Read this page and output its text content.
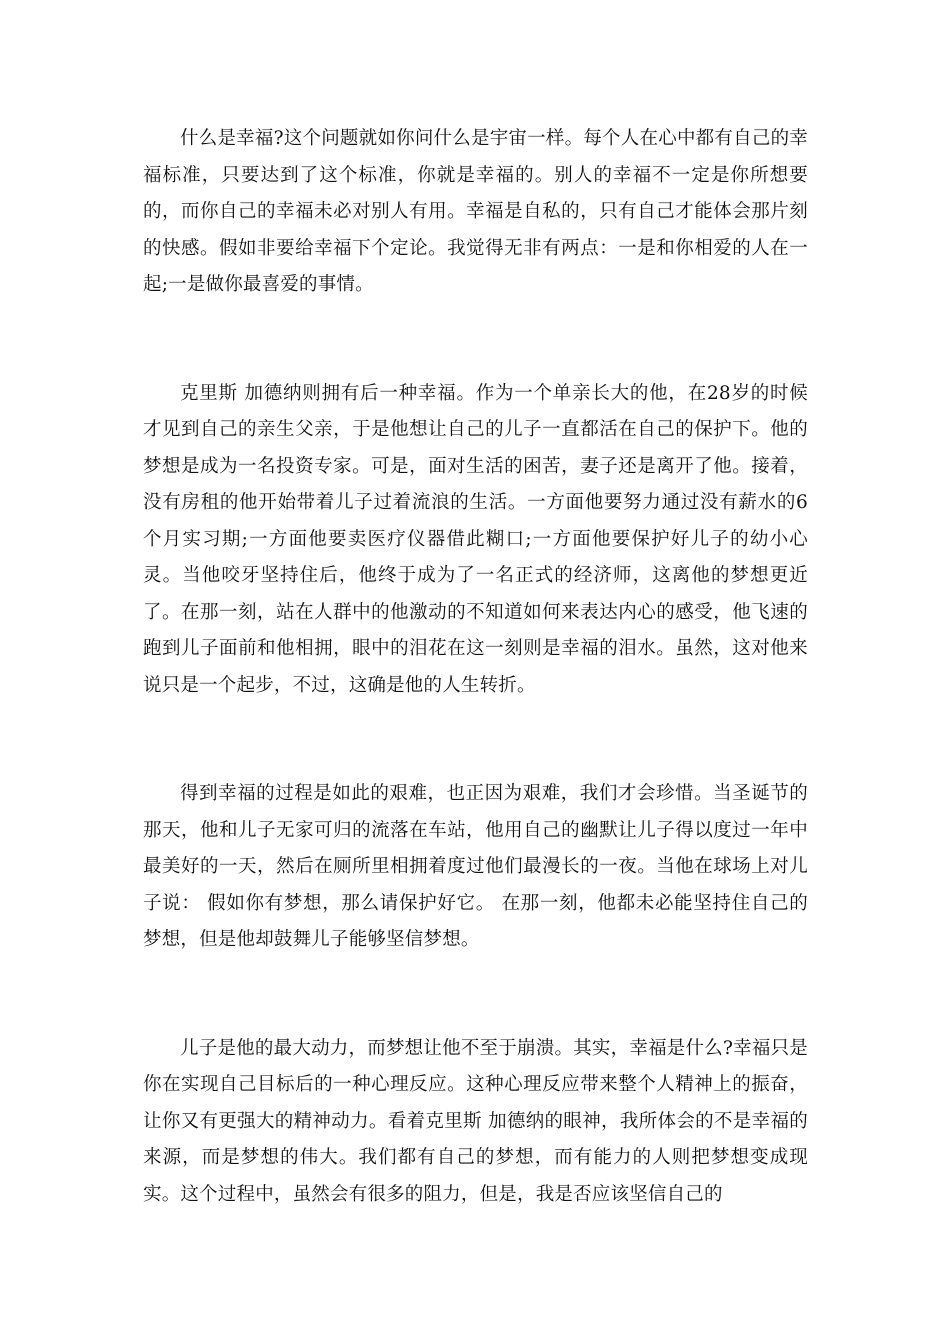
什么是幸福?这个问题就如你问什么是宇宙一样。每个人在心中都有自己的幸福标准，只要达到了这个标准，你就是幸福的。别人的幸福不一定是你所想要的，而你自己的幸福未必对别人有用。幸福是自私的，只有自己才能体会那片刻的快感。假如非要给幸福下个定论。我觉得无非有两点：一是和你相爱的人在一起;一是做你最喜爱的事情。

克里斯 加德纳则拥有后一种幸福。作为一个单亲长大的他，在28岁的时候才见到自己的亲生父亲，于是他想让自己的儿子一直都活在自己的保护下。他的梦想是成为一名投资专家。可是，面对生活的困苦，妻子还是离开了他。接着，没有房租的他开始带着儿子过着流浪的生活。一方面他要努力通过没有薪水的6个月实习期;一方面他要卖医疗仪器借此糊口;一方面他要保护好儿子的幼小心灵。当他咬牙坚持住后，他终于成为了一名正式的经济师，这离他的梦想更近了。在那一刻，站在人群中的他激动的不知道如何来表达内心的感受，他飞速的跑到儿子面前和他相拥，眼中的泪花在这一刻则是幸福的泪水。虽然，这对他来说只是一个起步，不过，这确是他的人生转折。

得到幸福的过程是如此的艰难，也正因为艰难，我们才会珍惜。当圣诞节的那天，他和儿子无家可归的流落在车站，他用自己的幽默让儿子得以度过一年中最美好的一天，然后在厕所里相拥着度过他们最漫长的一夜。当他在球场上对儿子说： 假如你有梦想，那么请保护好它。 在那一刻，他都未必能坚持住自己的梦想，但是他却鼓舞儿子能够坚信梦想。

儿子是他的最大动力，而梦想让他不至于崩溃。其实，幸福是什么?幸福只是你在实现自己目标后的一种心理反应。这种心理反应带来整个人精神上的振奋，让你又有更强大的精神动力。看着克里斯 加德纳的眼神，我所体会的不是幸福的来源，而是梦想的伟大。我们都有自己的梦想，而有能力的人则把梦想变成现实。这个过程中，虽然会有很多的阻力，但是，我是否应该坚信自己的
